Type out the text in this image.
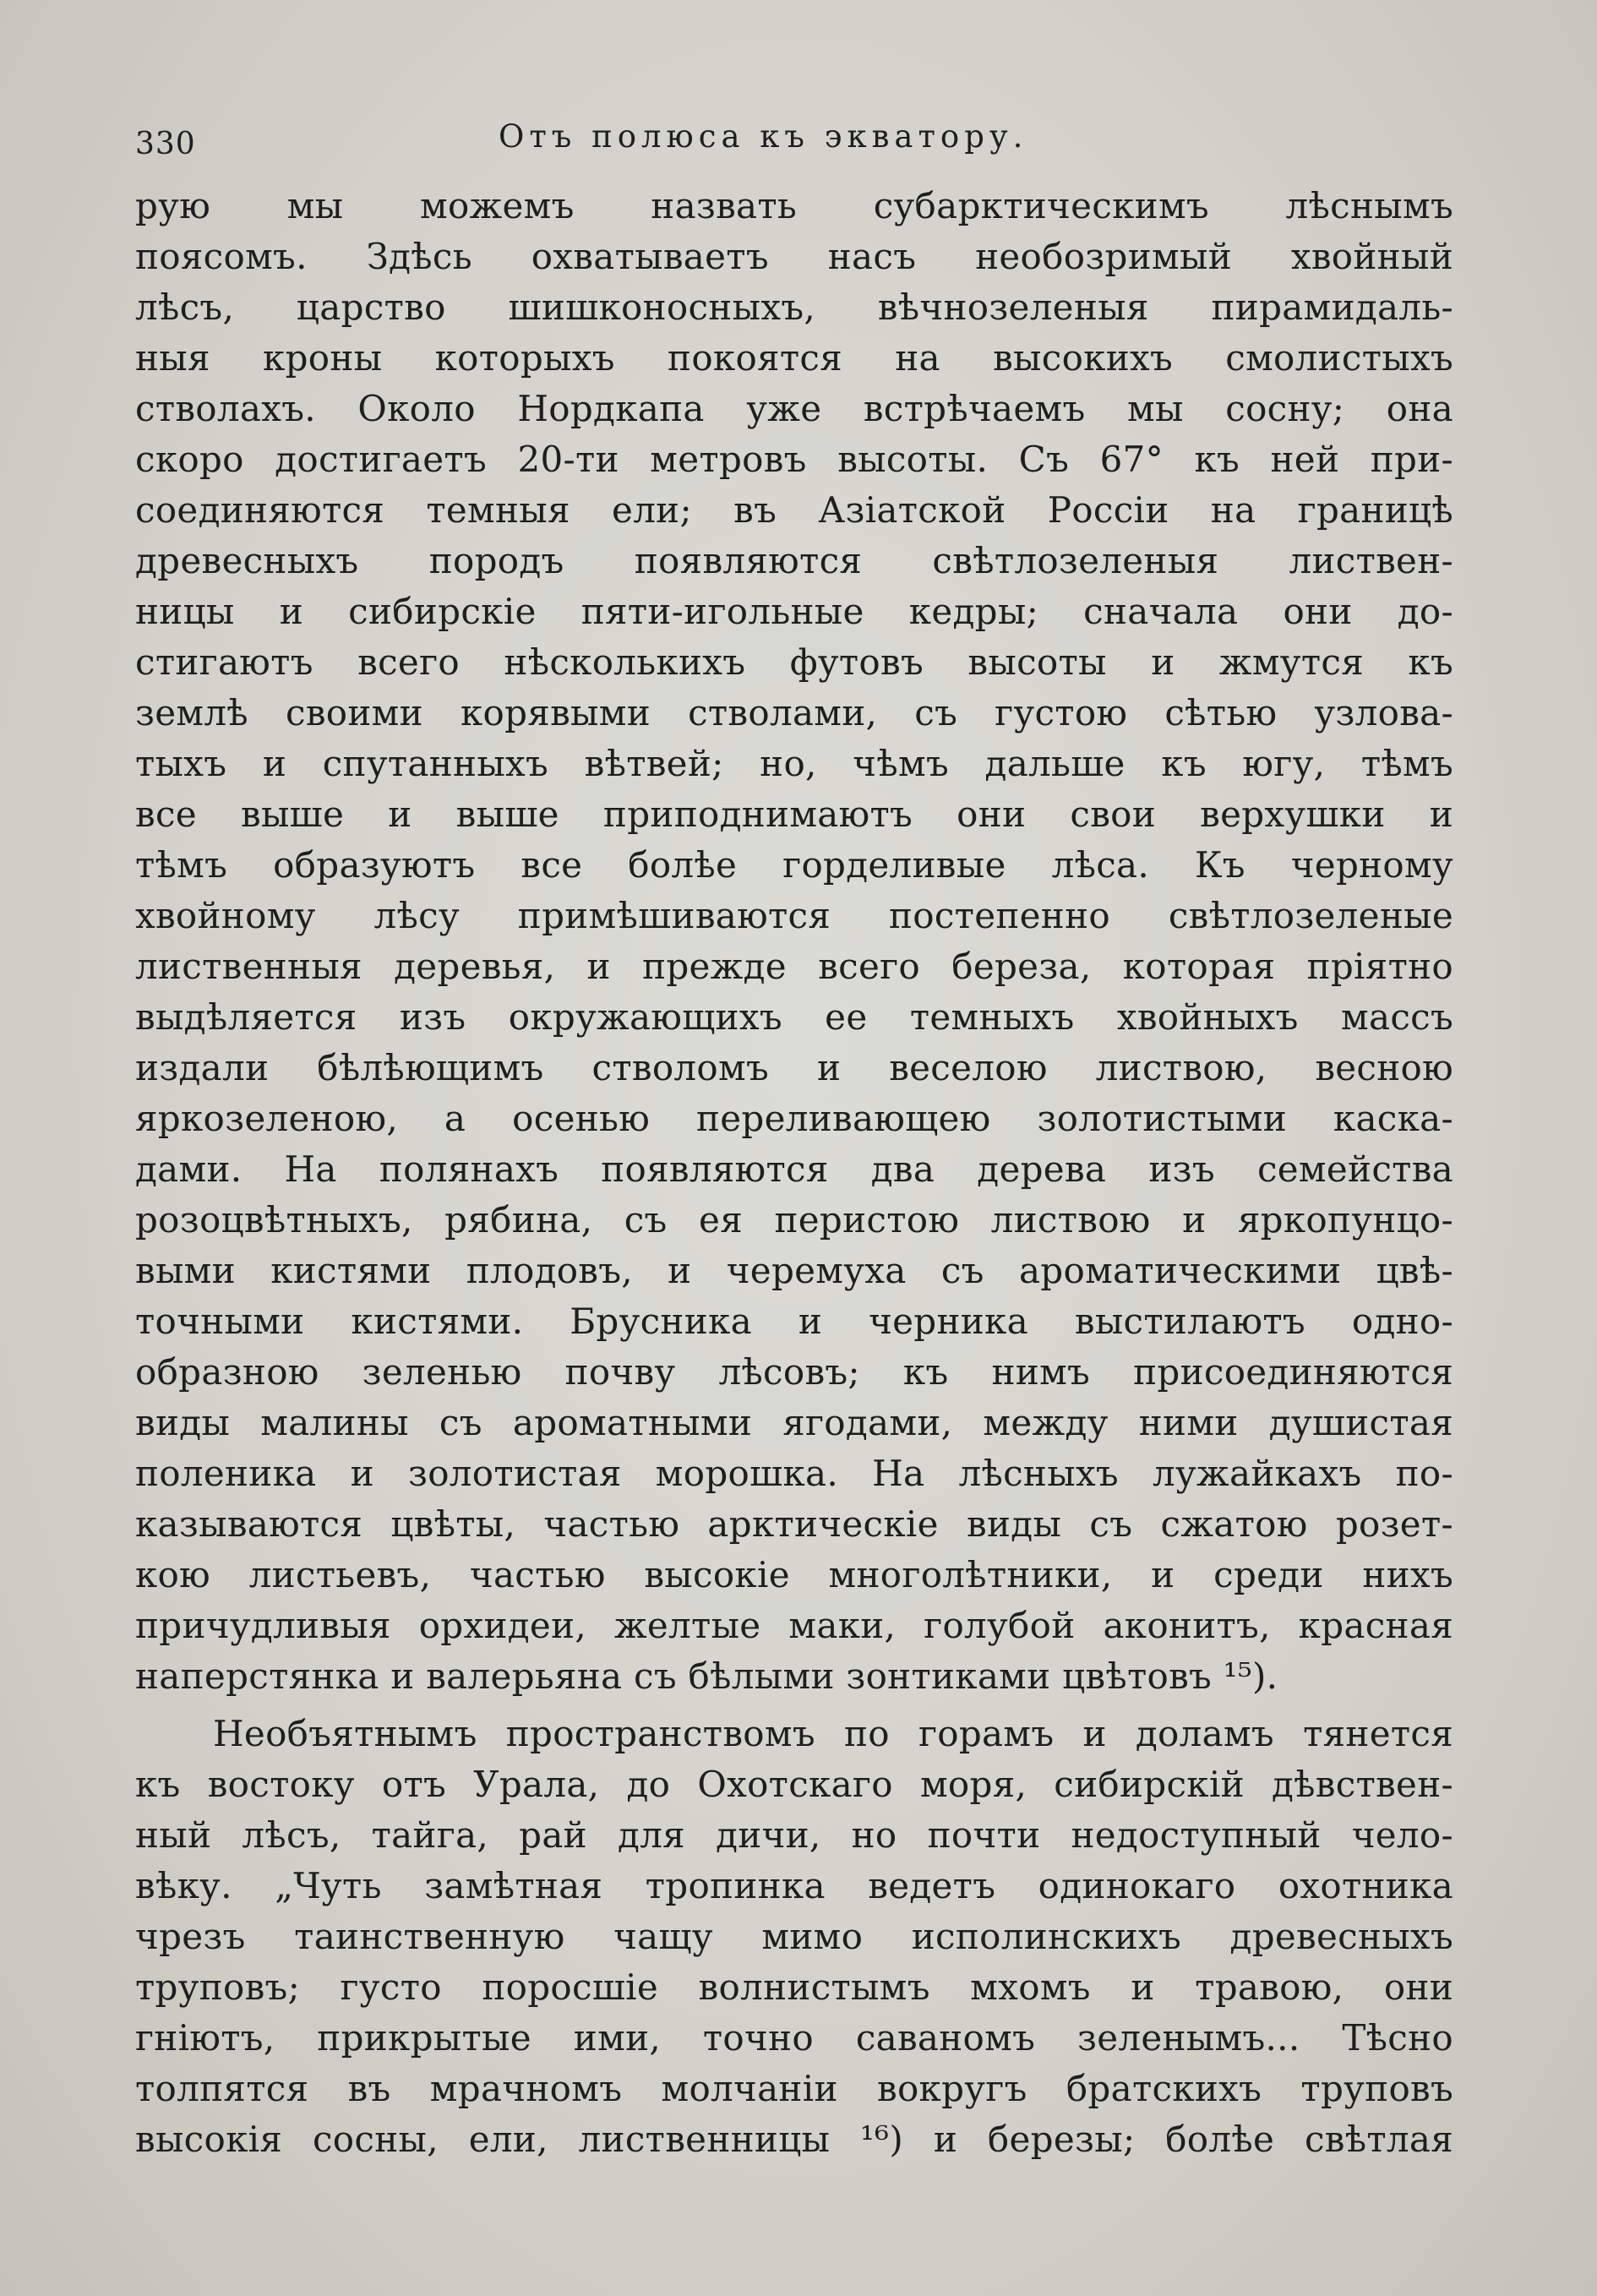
330	Отъ полюса къ экватору.
рую мы можемъ назвать субарктическимъ лѣснымъ
поясомъ. Здѣсь охватываетъ насъ необозримый хвойный
лѣсъ, царство шишконосныхъ, вѣчнозеленыя пирамидаль-
ныя кроны которыхъ покоятся на высокихъ смолистыхъ
стволахъ. Около Нордкапа уже встрѣчаемъ мы сосну; она
скоро достигаетъ 20-ти метровъ высоты. Съ 67° къ ней при-
соединяются темныя ели; въ Азіатской Россіи на границѣ
древесныхъ породъ появляются свѣтлозеленыя листвен-
ницы и сибирскіе пяти-игольные кедры; сначала они до-
стигаютъ всего нѣсколькихъ футовъ высоты и жмутся къ
землѣ своими корявыми стволами, съ густою сѣтью узлова-
тыхъ и спутанныхъ вѣтвей; но, чѣмъ дальше къ югу, тѣмъ
все выше и выше приподнимаютъ они свои верхушки и
тѣмъ образуютъ все болѣе горделивые лѣса. Къ черному
хвойному лѣсу примѣшиваются постепенно свѣтлозеленые
лиственныя деревья, и прежде всего береза, которая пріятно
выдѣляется изъ окружающихъ ее темныхъ хвойныхъ массъ
издали бѣлѣющимъ стволомъ и веселою листвою, весною
яркозеленою, а осенью переливающею золотистыми каска-
дами. На полянахъ появляются два дерева изъ семейства
розоцвѣтныхъ, рябина, съ ея перистою листвою и яркопунцо-
выми кистями плодовъ, и черемуха съ ароматическими цвѣ-
точными кистями. Брусника и черника выстилаютъ одно-
образною зеленью почву лѣсовъ; къ нимъ присоединяются
виды малины съ ароматными ягодами, между ними душистая
поленика и золотистая морошка. На лѣсныхъ лужайкахъ по-
казываются цвѣты, частью арктическіе виды съ сжатою розет-
кою листьевъ, частью высокіе многолѣтники, и среди нихъ
причудливыя орхидеи, желтые маки, голубой аконитъ, красная
наперстянка и валерьяна съ бѣлыми зонтиками цвѣтовъ ¹⁵).
Необъятнымъ пространствомъ по горамъ и доламъ тянется
къ востоку отъ Урала, до Охотскаго моря, сибирскій дѣвствен-
ный лѣсъ, тайга, рай для дичи, но почти недоступный чело-
вѣку. „Чуть замѣтная тропинка ведетъ одинокаго охотника
чрезъ таинственную чащу мимо исполинскихъ древесныхъ
труповъ; густо поросшіе волнистымъ мхомъ и травою, они
гніютъ, прикрытые ими, точно саваномъ зеленымъ... Тѣсно
толпятся въ мрачномъ молчаніи вокругъ братскихъ труповъ
высокія сосны, ели, лиственницы ¹⁶) и березы; болѣе свѣтлая
